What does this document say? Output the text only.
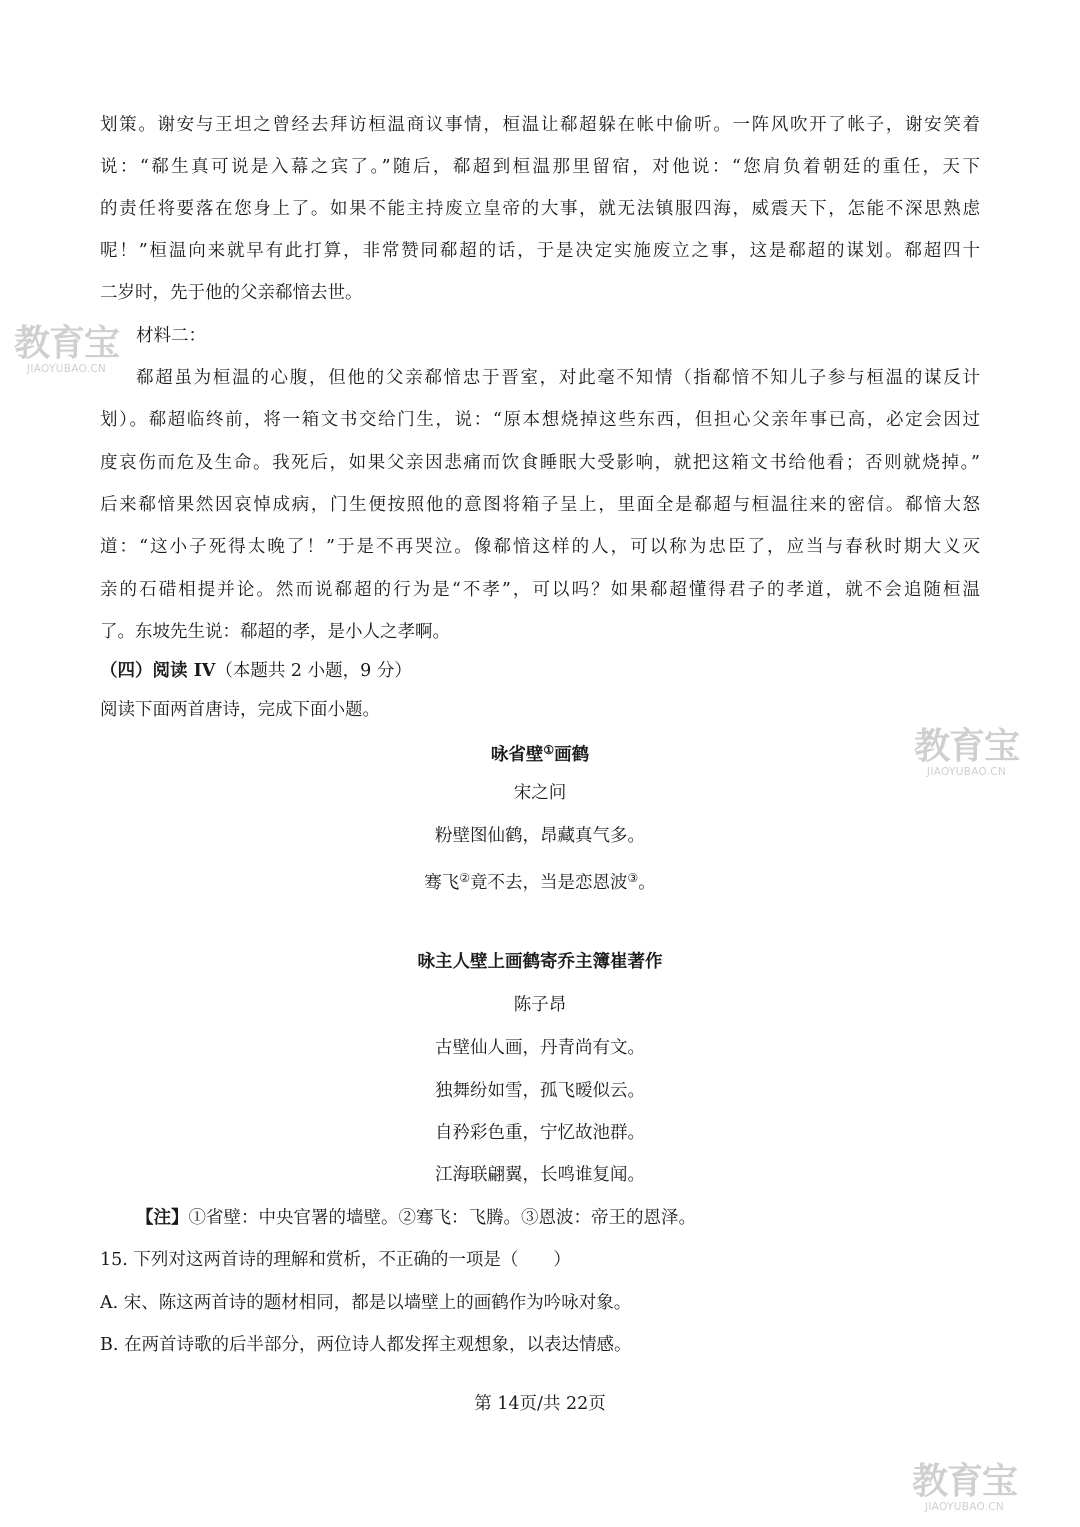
教育宝
JIAOYUBAO.CN
教育宝
JIAOYUBAO.CN
教育宝
JIAOYUBAO.CN
划策。谢安与王坦之曾经去拜访桓温商议事情，桓温让郗超躲在帐中偷听。一阵风吹开了帐子，谢安笑着
说：“郗生真可说是入幕之宾了。”随后，郗超到桓温那里留宿，对他说：“您肩负着朝廷的重任，天下
的责任将要落在您身上了。如果不能主持废立皇帝的大事，就无法镇服四海，威震天下，怎能不深思熟虑
呢！”桓温向来就早有此打算，非常赞同郗超的话，于是决定实施废立之事，这是郗超的谋划。郗超四十
二岁时，先于他的父亲郗愔去世。
材料二：
郗超虽为桓温的心腹，但他的父亲郗愔忠于晋室，对此毫不知情（指郗愔不知儿子参与桓温的谋反计
划）。郗超临终前，将一箱文书交给门生，说：“原本想烧掉这些东西，但担心父亲年事已高，必定会因过
度哀伤而危及生命。我死后，如果父亲因悲痛而饮食睡眠大受影响，就把这箱文书给他看；否则就烧掉。”
后来郗愔果然因哀悼成病，门生便按照他的意图将箱子呈上，里面全是郗超与桓温往来的密信。郗愔大怒
道：“这小子死得太晚了！”于是不再哭泣。像郗愔这样的人，可以称为忠臣了，应当与春秋时期大义灭
亲的石碏相提并论。然而说郗超的行为是“不孝”，可以吗？如果郗超懂得君子的孝道，就不会追随桓温
了。东坡先生说：郗超的孝，是小人之孝啊。
（四）阅读 IV（本题共 2 小题，9 分）
阅读下面两首唐诗，完成下面小题。
咏省壁①画鹤
宋之问
粉壁图仙鹤，昂藏真气多。
骞飞②竟不去，当是恋恩波③。
咏主人壁上画鹤寄乔主簿崔著作
陈子昂
古壁仙人画，丹青尚有文。
独舞纷如雪，孤飞暧似云。
自矜彩色重，宁忆故池群。
江海联翩翼，长鸣谁复闻。
【注】①省壁：中央官署的墙壁。②骞飞：飞腾。③恩波：帝王的恩泽。
15. 下列对这两首诗的理解和赏析，不正确的一项是（　　）
A. 宋、陈这两首诗的题材相同，都是以墙壁上的画鹤作为吟咏对象。
B. 在两首诗歌的后半部分，两位诗人都发挥主观想象，以表达情感。
第 14页/共 22页
